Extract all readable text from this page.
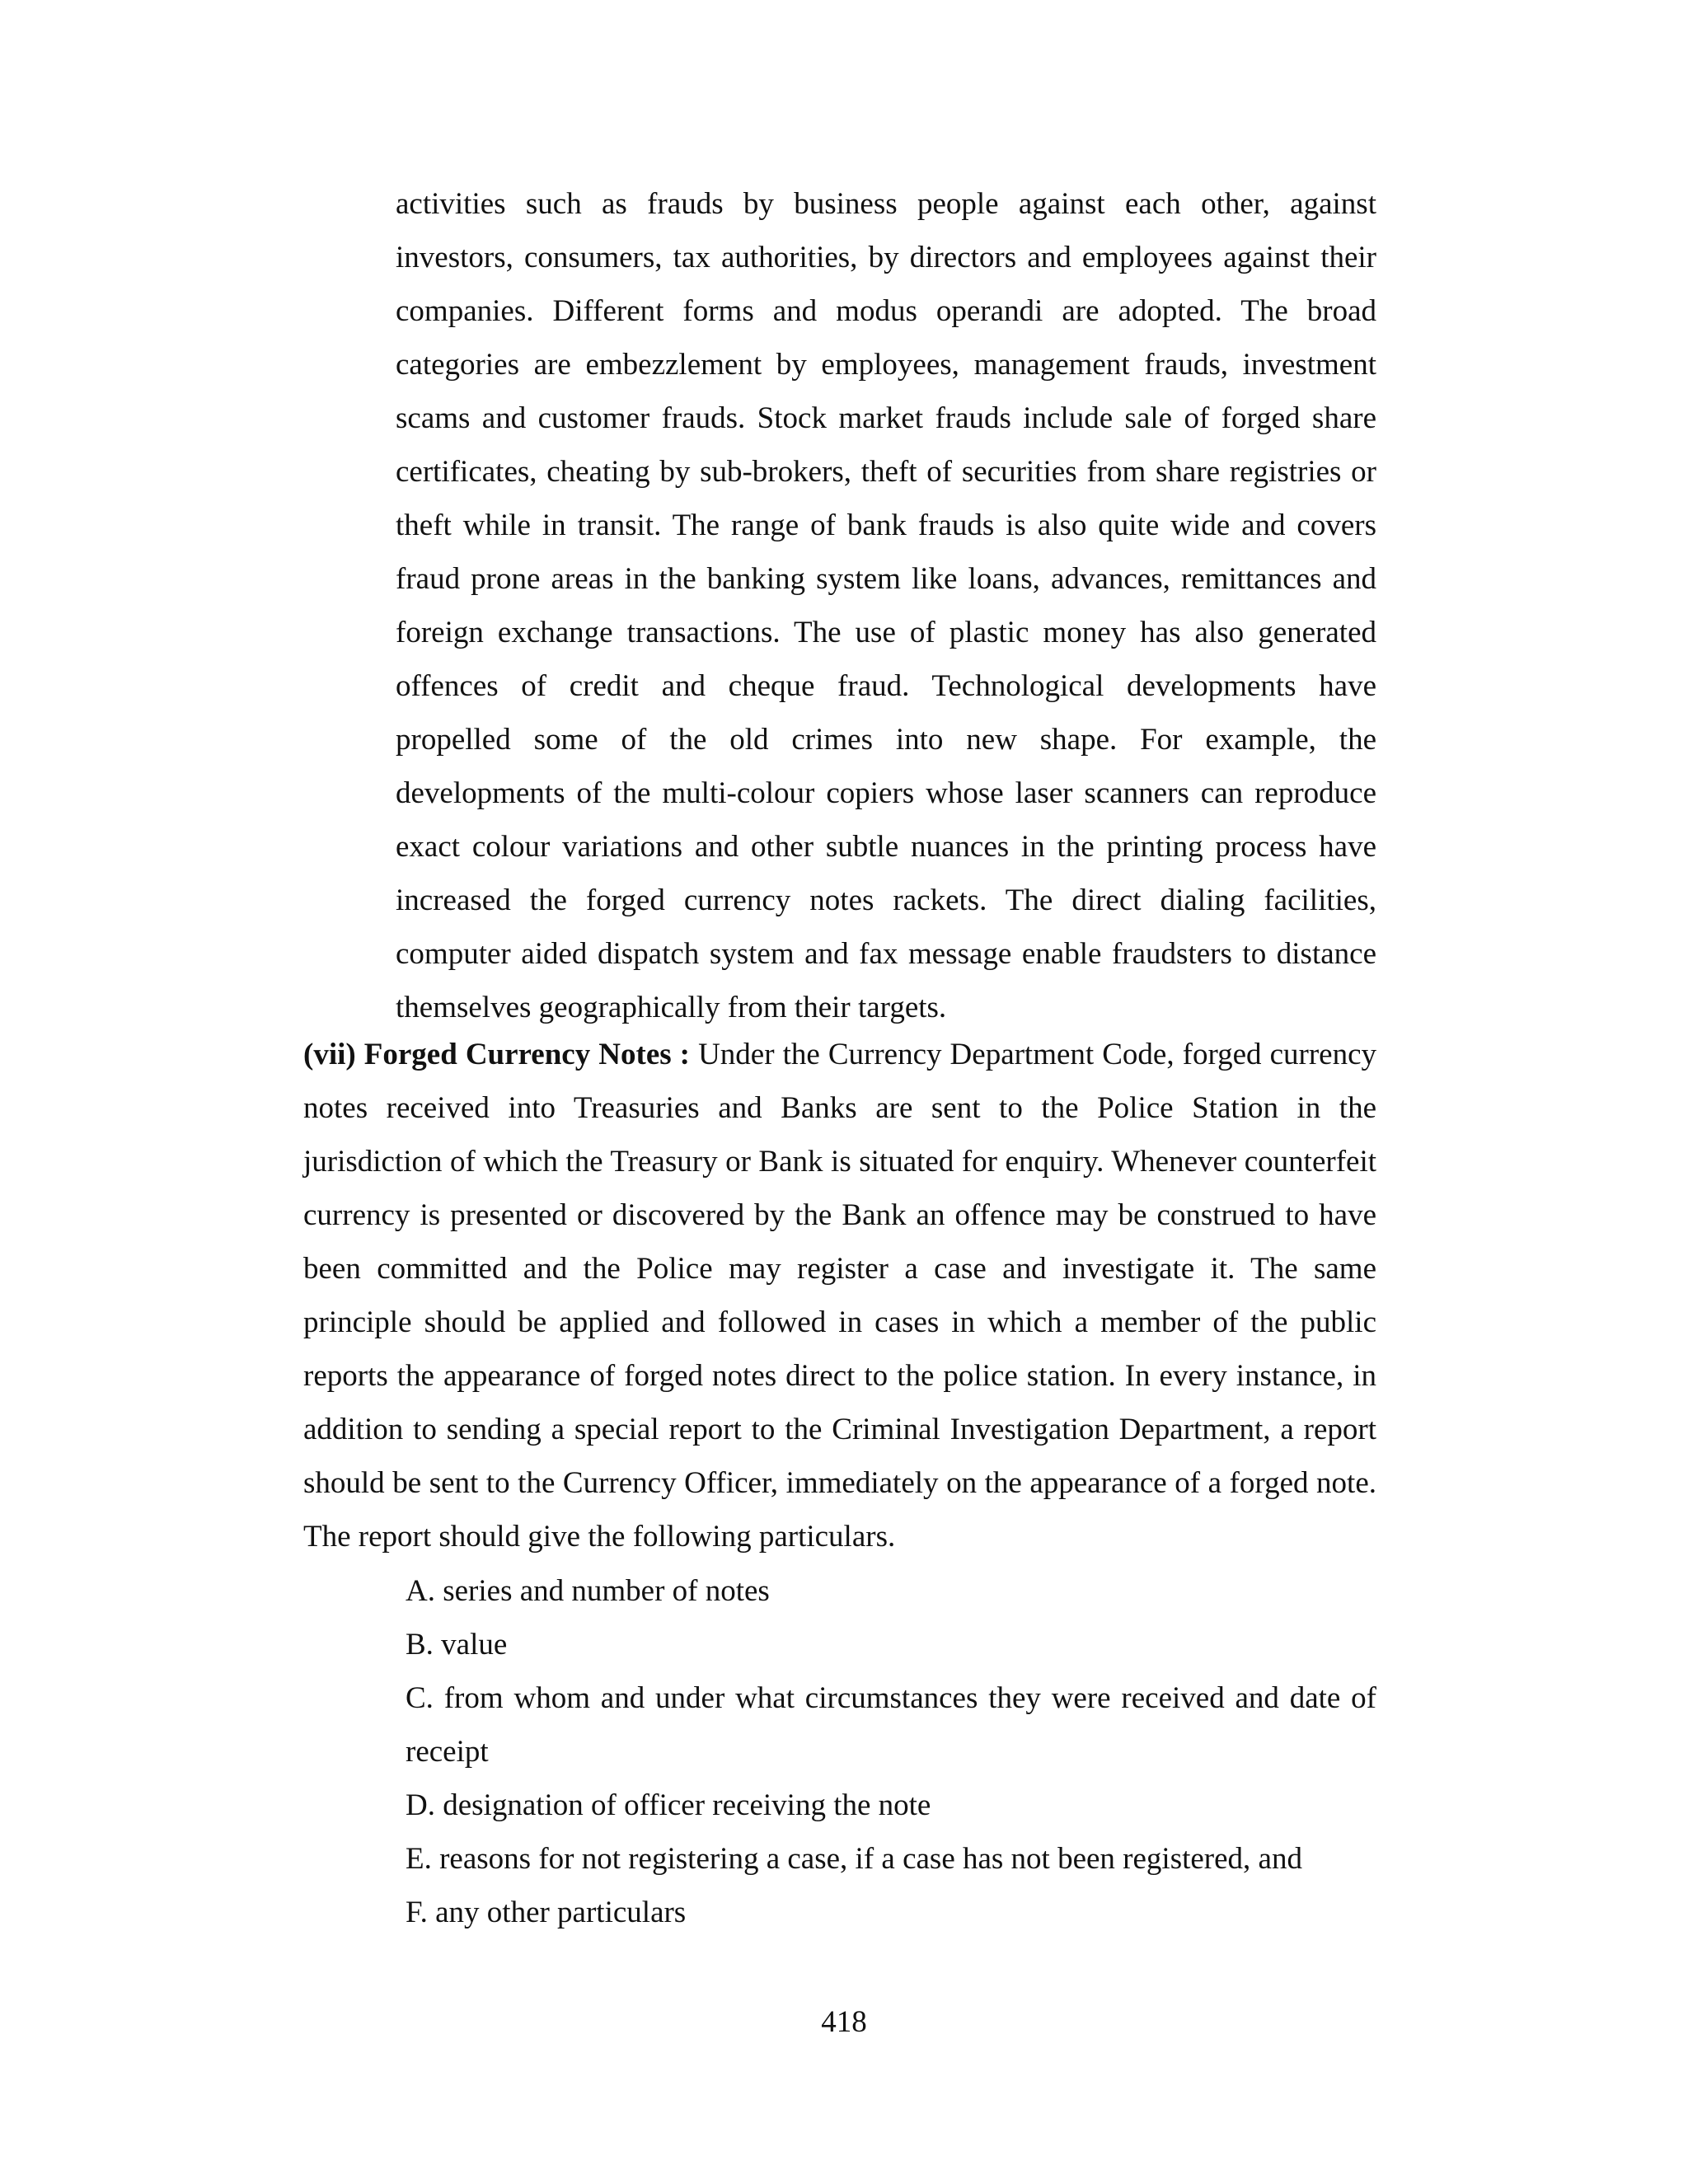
activities such as frauds by business people against each other, against investors, consumers, tax authorities, by directors and employees against their companies. Different forms and modus operandi are adopted. The broad categories are embezzlement by employees, management frauds, investment scams and customer frauds. Stock market frauds include sale of forged share certificates, cheating by sub-brokers, theft of securities from share registries or theft while in transit. The range of bank frauds is also quite wide and covers fraud prone areas in the banking system like loans, advances, remittances and foreign exchange transactions. The use of plastic money has also generated offences of credit and cheque fraud. Technological developments have propelled some of the old crimes into new shape. For example, the developments of the multi-colour copiers whose laser scanners can reproduce exact colour variations and other subtle nuances in the printing process have increased the forged currency notes rackets. The direct dialing facilities, computer aided dispatch system and fax message enable fraudsters to distance themselves geographically from their targets.

(vii) Forged Currency Notes : Under the Currency Department Code, forged currency notes received into Treasuries and Banks are sent to the Police Station in the jurisdiction of which the Treasury or Bank is situated for enquiry. Whenever counterfeit currency is presented or discovered by the Bank an offence may be construed to have been committed and the Police may register a case and investigate it. The same principle should be applied and followed in cases in which a member of the public reports the appearance of forged notes direct to the police station. In every instance, in addition to sending a special report to the Criminal Investigation Department, a report should be sent to the Currency Officer, immediately on the appearance of a forged note. The report should give the following particulars.

A. series and number of notes
B. value
C. from whom and under what circumstances they were received and date of receipt
D. designation of officer receiving the note
E. reasons for not registering a case, if a case has not been registered, and
F. any other particulars

418
